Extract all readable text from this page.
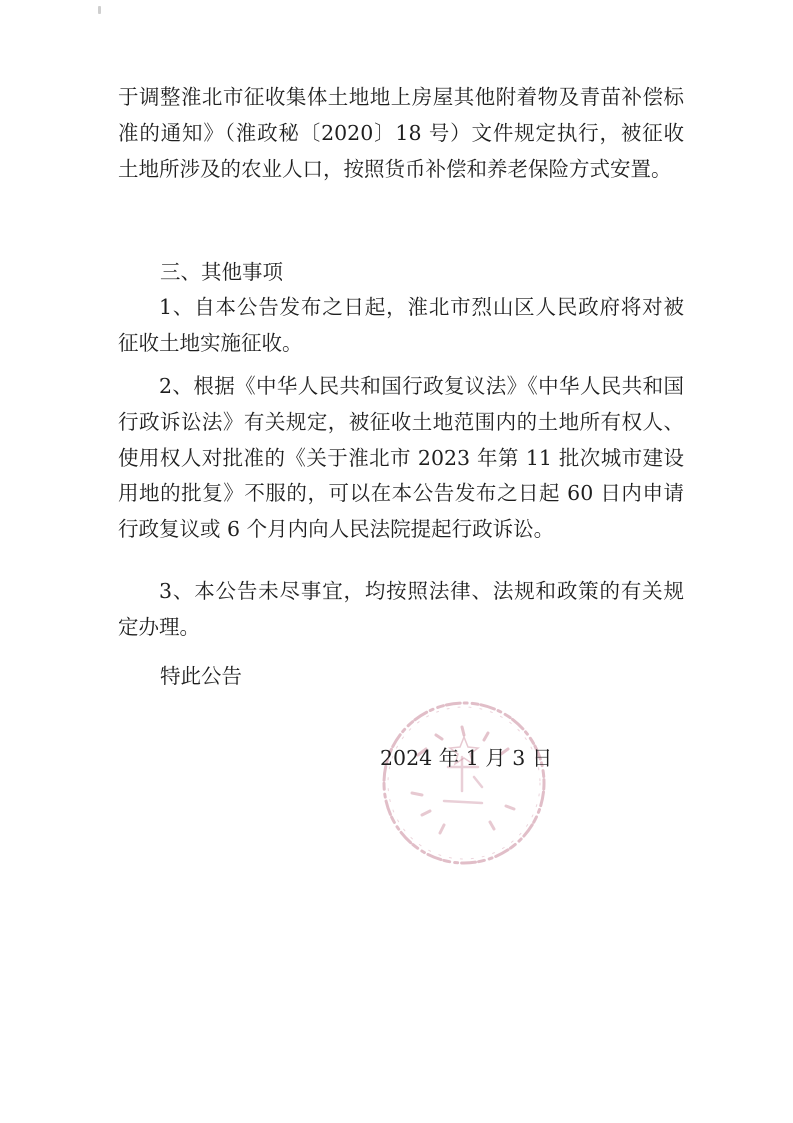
于调整淮北市征收集体土地地上房屋其他附着物及青苗补偿标准的通知》（淮政秘〔2020〕18 号）文件规定执行，被征收土地所涉及的农业人口，按照货币补偿和养老保险方式安置。

三、其他事项

1、自本公告发布之日起，淮北市烈山区人民政府将对被征收土地实施征收。

2、根据《中华人民共和国行政复议法》《中华人民共和国行政诉讼法》有关规定，被征收土地范围内的土地所有权人、使用权人对批准的《关于淮北市 2023 年第 11 批次城市建设用地的批复》不服的，可以在本公告发布之日起 60 日内申请行政复议或 6 个月内向人民法院提起行政诉讼。

3、本公告未尽事宜，均按照法律、法规和政策的有关规定办理。

特此公告
2024 年 1 月 3 日
